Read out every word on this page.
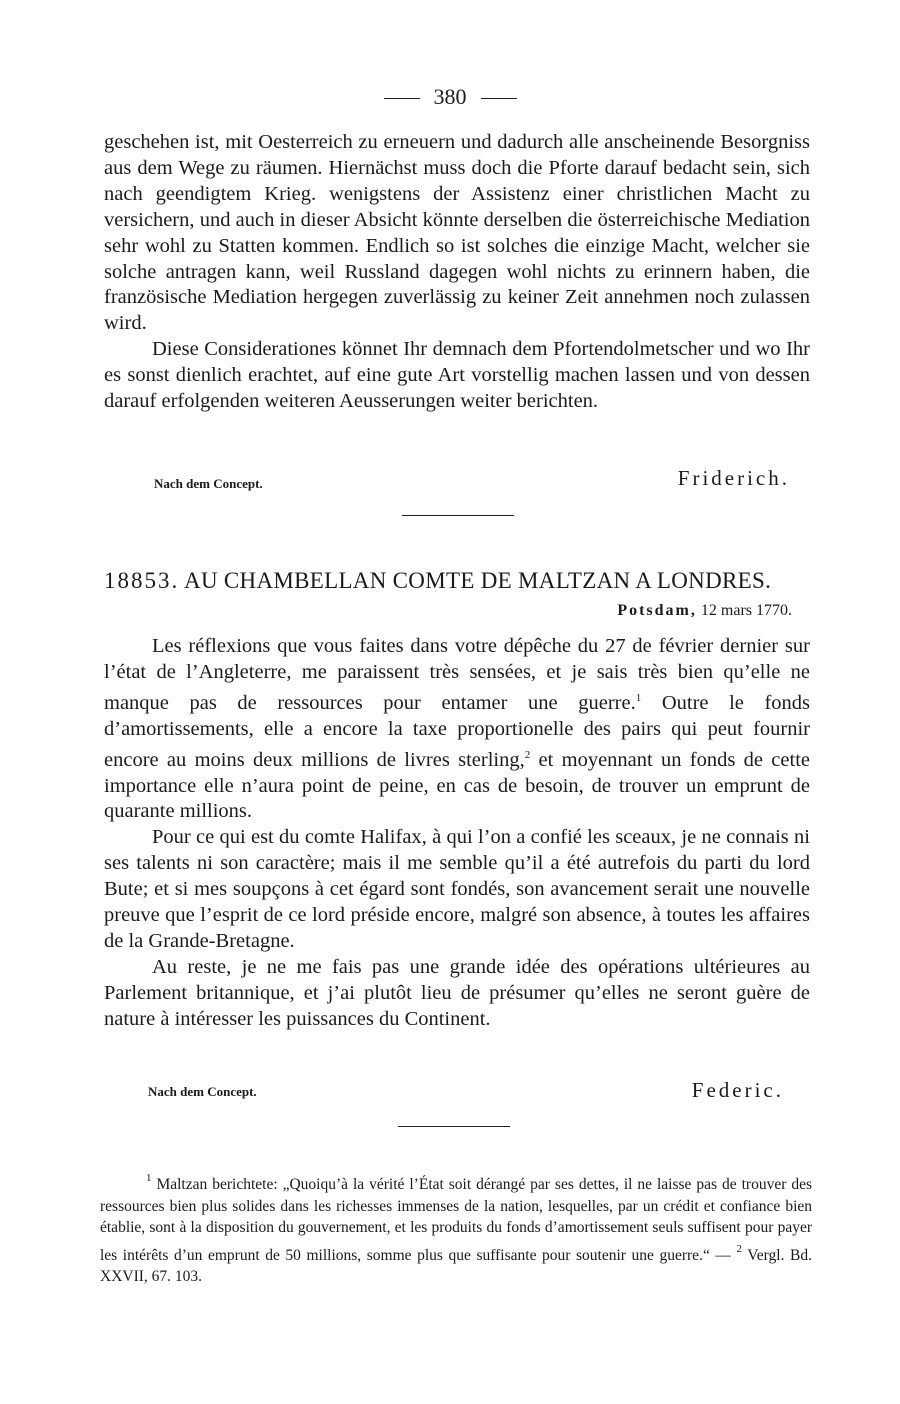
380

geschehen ist, mit Oesterreich zu erneuern und dadurch alle anscheinende Besorgniss aus dem Wege zu räumen. Hiernächst muss doch die Pforte darauf bedacht sein, sich nach geendigtem Krieg. wenigstens der Assistenz einer christlichen Macht zu versichern, und auch in dieser Absicht könnte derselben die österreichische Mediation sehr wohl zu Statten kommen. Endlich so ist solches die einzige Macht, welcher sie solche antragen kann, weil Russland dagegen wohl nichts zu erinnern haben, die französische Mediation hergegen zuverlässig zu keiner Zeit annehmen noch zulassen wird.

Diese Considerationes könnet Ihr demnach dem Pfortendolmetscher und wo Ihr es sonst dienlich erachtet, auf eine gute Art vorstellig machen lassen und von dessen darauf erfolgenden weiteren Aeusserungen weiter berichten.

Nach dem Concept.	Friderich.
18853. AU CHAMBELLAN COMTE DE MALTZAN A LONDRES.
Potsdam, 12 mars 1770.

Les réflexions que vous faites dans votre dépêche du 27 de février dernier sur l’état de l’Angleterre, me paraissent très sensées, et je sais très bien qu’elle ne manque pas de ressources pour entamer une guerre.$^1$ Outre le fonds d’amortissements, elle a encore la taxe proportionelle des pairs qui peut fournir encore au moins deux millions de livres sterling,$^2$ et moyennant un fonds de cette importance elle n’aura point de peine, en cas de besoin, de trouver un emprunt de quarante millions.

Pour ce qui est du comte Halifax, à qui l’on a confié les sceaux, je ne connais ni ses talents ni son caractère; mais il me semble qu’il a été autrefois du parti du lord Bute; et si mes soupçons à cet égard sont fondés, son avancement serait une nouvelle preuve que l’esprit de ce lord préside encore, malgré son absence, à toutes les affaires de la Grande-Bretagne.

Au reste, je ne me fais pas une grande idée des opérations ultérieures au Parlement britannique, et j’ai plutôt lieu de présumer qu’elles ne seront guère de nature à intéresser les puissances du Continent.

Nach dem Concept.	Federic.

$^1$ Maltzan berichtete: „Quoiqu’à la vérité l’État soit dérangé par ses dettes, il ne laisse pas de trouver des ressources bien plus solides dans les richesses immenses de la nation, lesquelles, par un crédit et confiance bien établie, sont à la disposition du gouvernement, et les produits du fonds d’amortissement seuls suffisent pour payer les intérêts d’un emprunt de 50 millions, somme plus que suffisante pour soutenir une guerre.“ — $^2$ Vergl. Bd. XXVII, 67. 103.
